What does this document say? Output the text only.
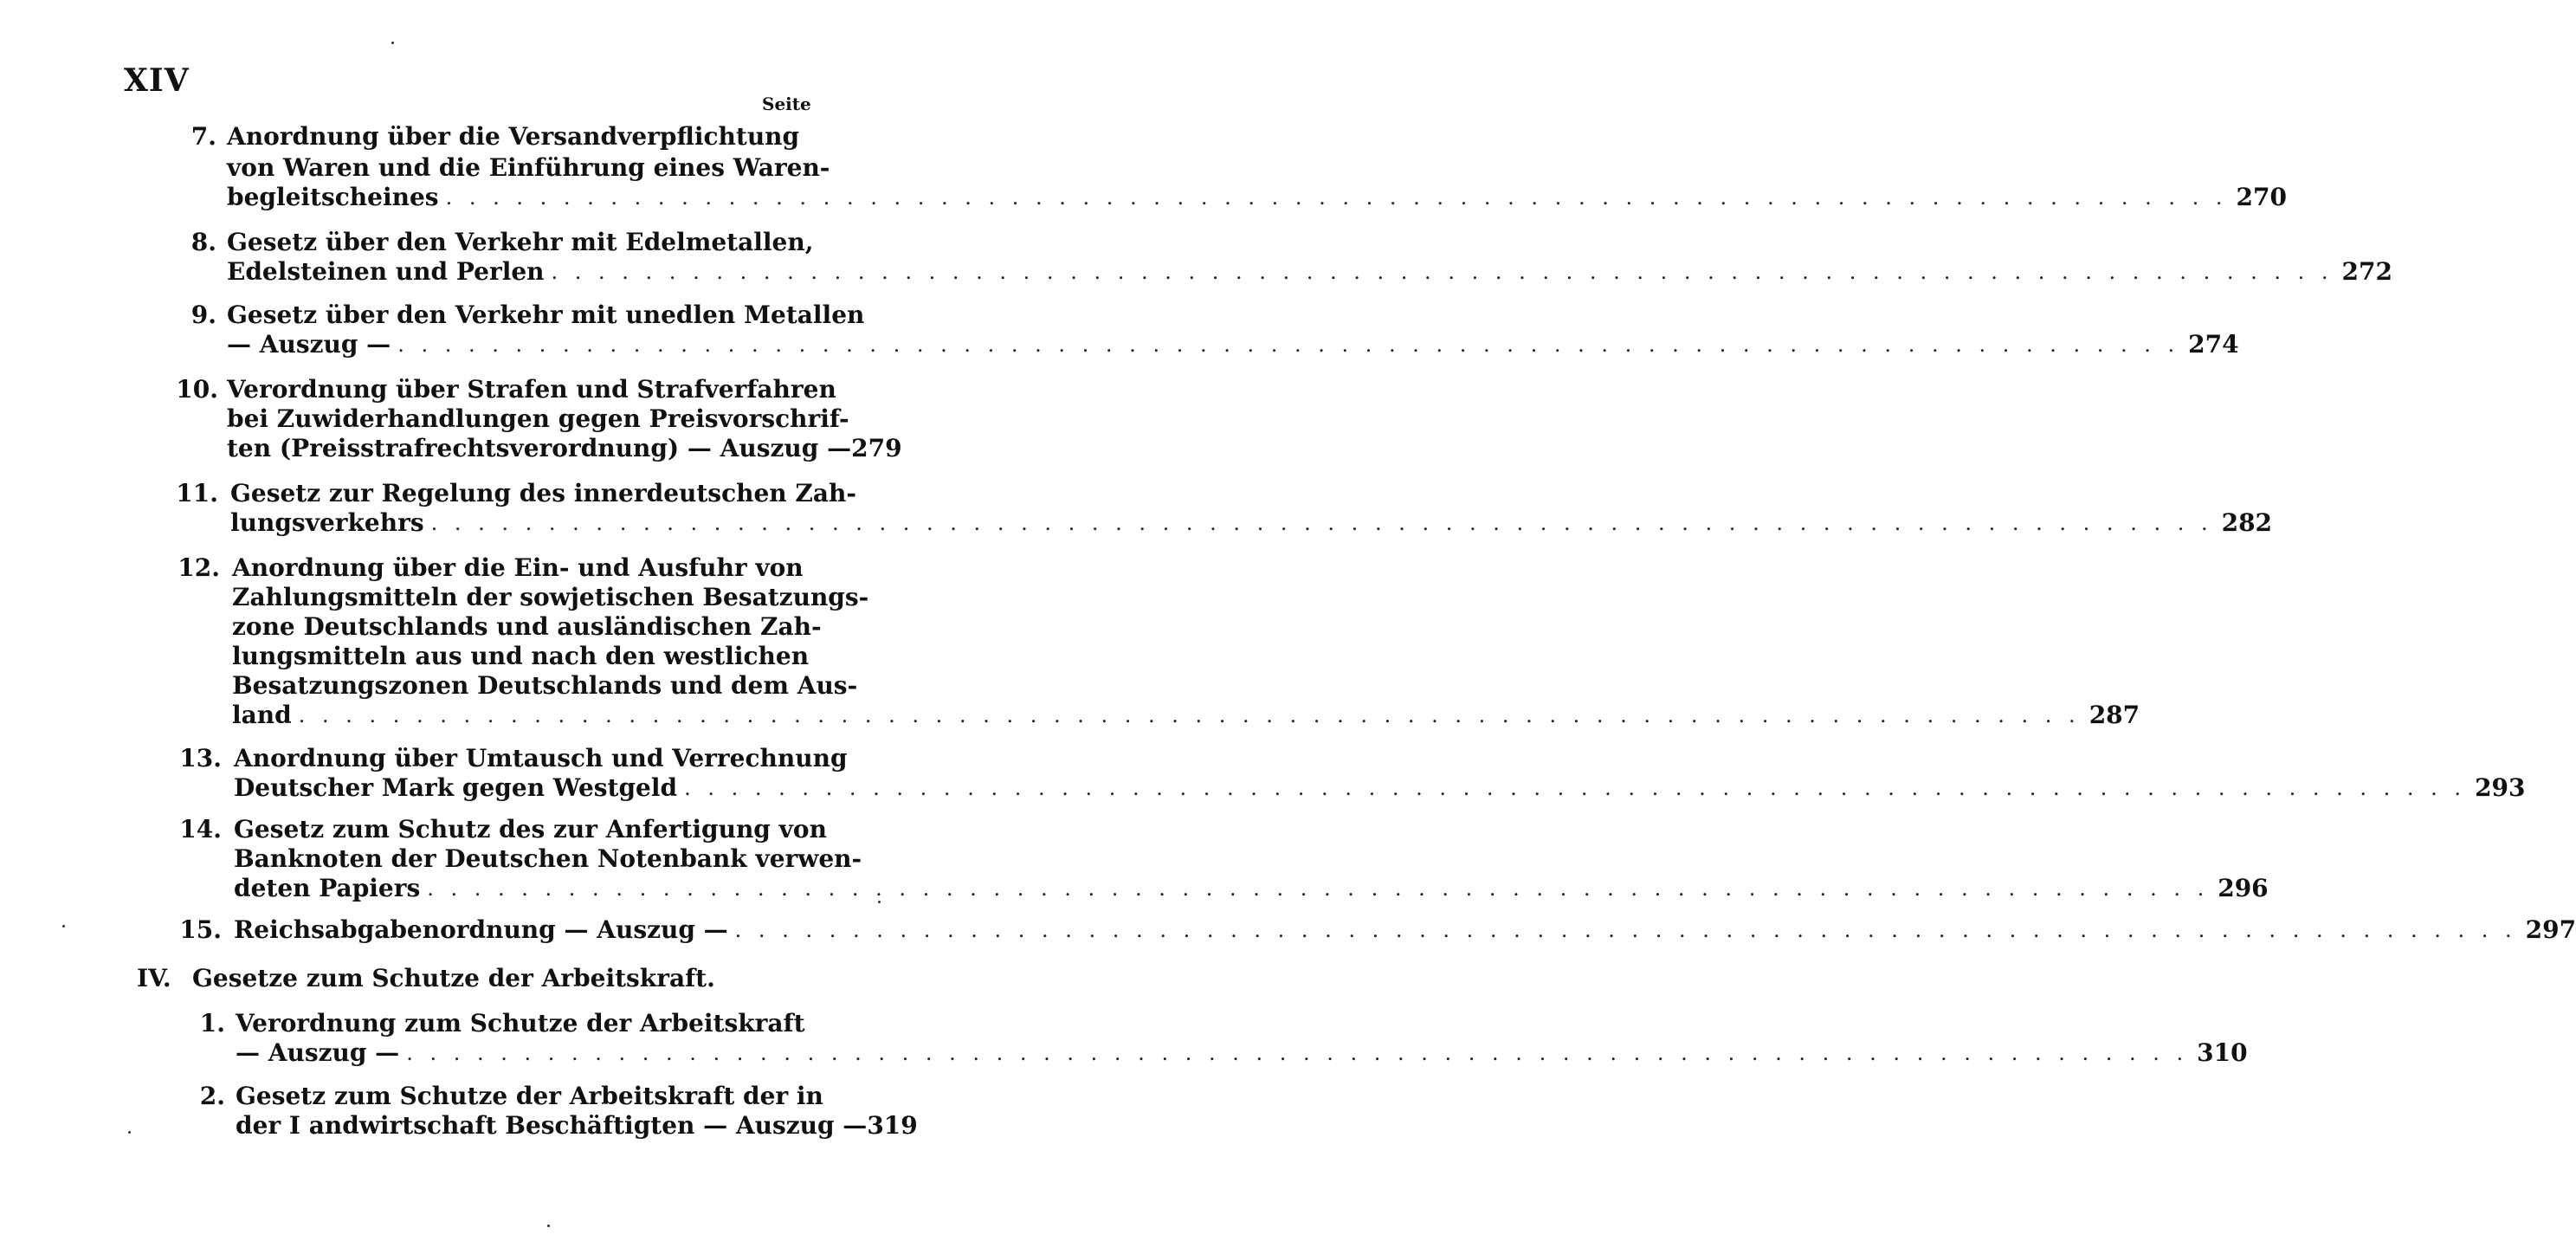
XIV
Seite
7. Anordnung über die Versandverpflichtung
von Waren und die Einführung eines Waren-
begleitscheines . . .	270
8. Gesetz über den Verkehr mit Edelmetallen,
Edelsteinen und Perlen . . .	272
9. Gesetz über den Verkehr mit unedlen Metallen
— Auszug — . . .	274
10. Verordnung über Strafen und Strafverfahren
bei Zuwiderhandlungen gegen Preisvorschrif-
ten (Preisstrafrechtsverordnung) — Auszug — 279
11. Gesetz zur Regelung des innerdeutschen Zah-
lungsverkehrs . . .	282
12. Anordnung über die Ein- und Ausfuhr von
Zahlungsmitteln der sowjetischen Besatzungs-
zone Deutschlands und ausländischen Zah-
lungsmitteln aus und nach den westlichen
Besatzungszonen Deutschlands und dem Aus-
land . . .	287
13. Anordnung über Umtausch und Verrechnung
Deutscher Mark gegen Westgeld . . .	293
14. Gesetz zum Schutz des zur Anfertigung von
Banknoten der Deutschen Notenbank verwen-
deten Papiers . . .	296
15. Reichsabgabenordnung — Auszug — . . .	297
IV. Gesetze zum Schutze der Arbeitskraft.
1. Verordnung zum Schutze der Arbeitskraft
— Auszug — . . .	310
2. Gesetz zum Schutze der Arbeitskraft der in
der I andwirtschaft Beschäftigten — Auszug — 319
